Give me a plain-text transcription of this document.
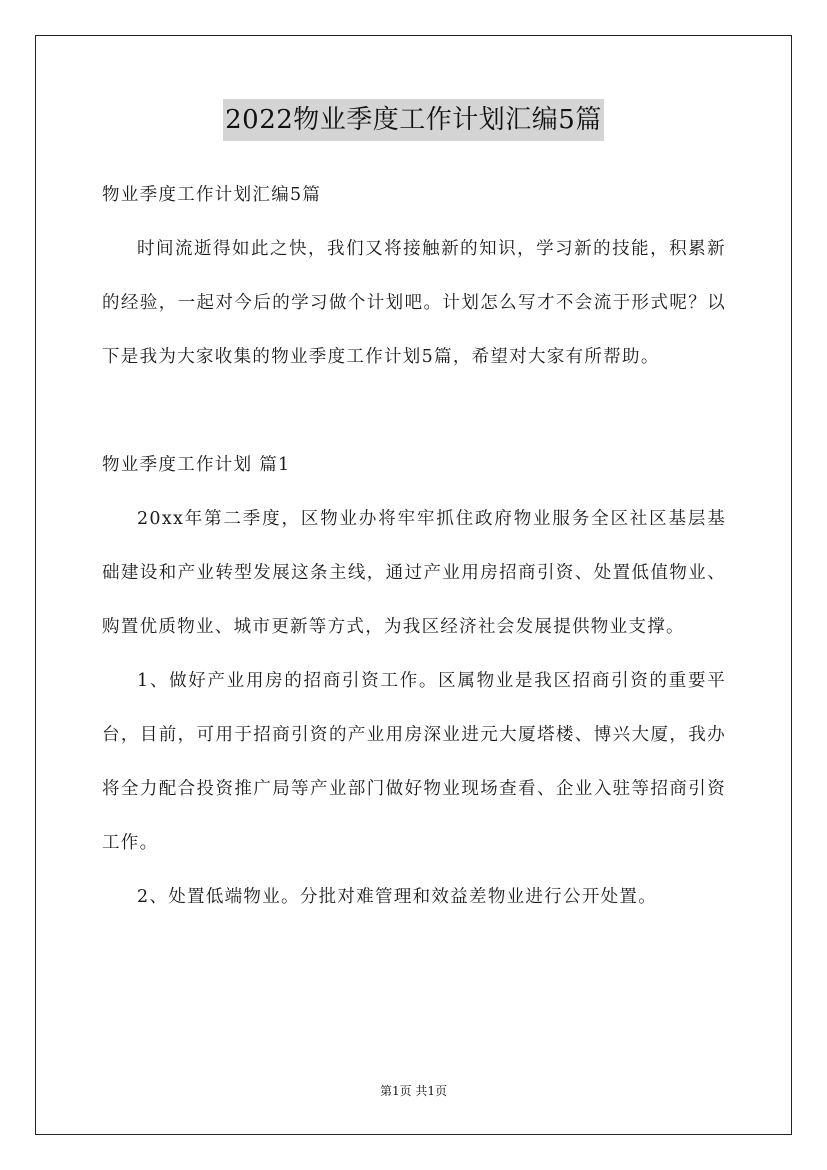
2022物业季度工作计划汇编5篇

物业季度工作计划汇编5篇

时间流逝得如此之快，我们又将接触新的知识，学习新的技能，积累新的经验，一起对今后的学习做个计划吧。计划怎么写才不会流于形式呢？以下是我为大家收集的物业季度工作计划5篇，希望对大家有所帮助。

物业季度工作计划 篇1

20xx年第二季度，区物业办将牢牢抓住政府物业服务全区社区基层基础建设和产业转型发展这条主线，通过产业用房招商引资、处置低值物业、购置优质物业、城市更新等方式，为我区经济社会发展提供物业支撑。

1、做好产业用房的招商引资工作。区属物业是我区招商引资的重要平台，目前，可用于招商引资的产业用房深业进元大厦塔楼、博兴大厦，我办将全力配合投资推广局等产业部门做好物业现场查看、企业入驻等招商引资工作。

2、处置低端物业。分批对难管理和效益差物业进行公开处置。

第1页 共1页
